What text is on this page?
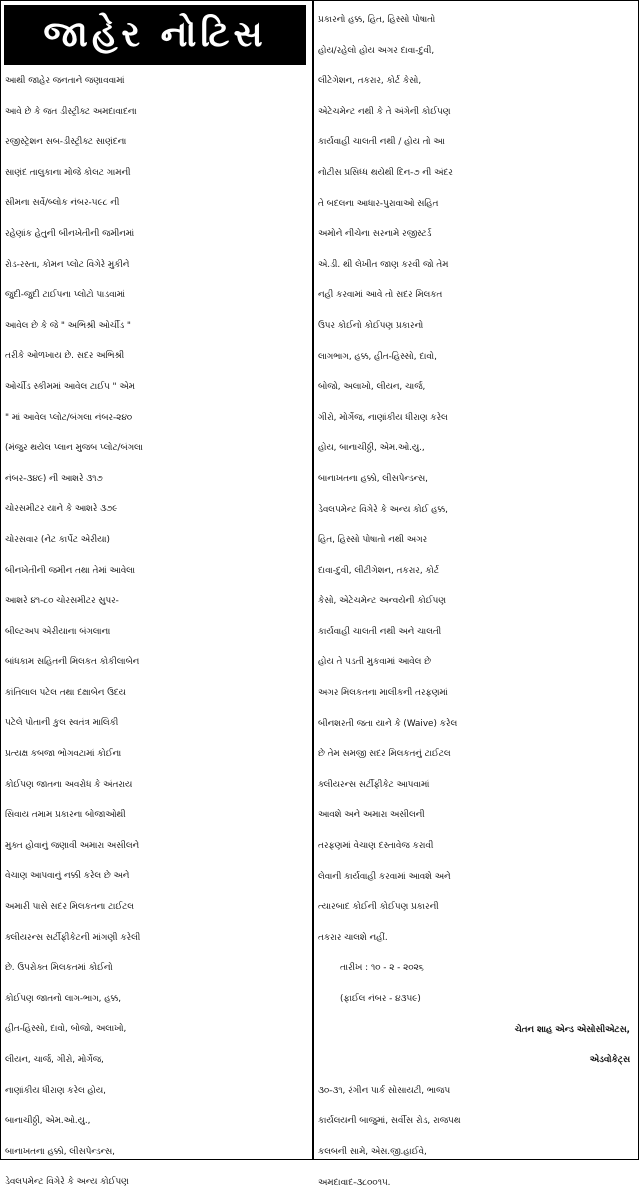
જાહેર નોટિસ

આથી જાહેર જનતાને જણાવવામાં

આવે છે કે જત ડીસ્ટ્રીક્ટ અમદાવાદના

રજીસ્ટ્રેશન સબ-ડીસ્ટ્રીક્ટ સાણંદના

સાણંદ તાલુકાના મોજે કોલટ ગામની

સીમના સર્વે/બ્લોક નંબર-૫૯૮ ની

રહેણાંક હેતુની બીનખેતીની જમીનમાં

રોડ-રસ્તા, કોમન પ્લોટ વિગેરે મુકીને

જુદી-જુદી ટાઈપના પ્લોટો પાડવામાં

આવેલ છે કે જે " અભિશ્રી ઓર્ચીડ "

તરીકે ઓળખાય છે. સદર અભિશ્રી

ઓર્ચીડ સ્કીમમાં આવેલ ટાઈપ " એમ

" માં આવેલ પ્લોટ/બંગલા નંબર-૨૪૦

(મંજુર થયેલ પ્લાન મુજબ પ્લોટ/બંગલા

નંબર-૩૪૯) ની આશરે ૩૧૭

ચોરસમીટર યાને કે આશરે ૩૭૯

ચોરસવાર (નેટ કાર્પેટ એરીયા)

બીનખેતીની જમીન તથા તેમાં આવેલા

આશરે ૪૧-૮૦ ચોરસમીટર સુપર-

બીલ્ટઅપ એરીયાના બંગલાના

બાંધકામ સહિતની મિલકત કોકીલાબેન

કાંતિલાલ પટેલ તથા દક્ષાબેન ઉદય

પટેલે પોતાની કુલ સ્વતંત્ર માલિકી

પ્રત્યક્ષ કબજા ભોગવટામાં કોઈના

કોઈપણ જાતના અવરોધ કે અંતરાય

સિવાય તમામ પ્રકારના બોજાઓથી

મુક્ત હોવાનું જણાવી અમારા અસીલને

વેચાણ આપવાનું નક્કી કરેલ છે અને

અમારી પાસે સદર મિલકતના ટાઈટલ

ક્લીયરન્સ સર્ટીફીકેટની માંગણી કરેલી

છે. ઉપરોક્ત મિલકતમાં કોઈનો

કોઈપણ જાતનો લાગ-ભાગ, હક્ક,

હીત-હિસ્સો, દાવો, બોજો, અલાખો,

લીયન, ચાર્જ, ગીરો, મોર્ગેજ,

નાણાંકીય ધીરાણ કરેલ હોય,

બાનાચીઠ્ઠી, એમ.ઓ.યુ.,

બાનાખતના હક્કો, લીસપેન્ડન્સ,

ડેવલપમેન્ટ વિગેરે કે અન્ય કોઈપણ

પ્રકારનો હક્ક, હિત, હિસ્સો પોષાતો

હોય/રહેલો હોય અગર દાવા-દુવી,

લીટેગેશન, તકરાર, કોર્ટ કેસો,

એટેચમેન્ટ નથી કે તે અંગેની કોઈપણ

કાર્યવાહી ચાલતી નથી / હોય તો આ

નોટીસ પ્રસિધ્ધ થયેથી દિન-૭ ની અંદર

તે બદલના આધાર-પુરાવાઓ સહિત

અમોને નીચેના સરનામે રજીસ્ટર્ડ

એ.ડી. થી લેખીત જાણ કરવી જો તેમ

નહી કરવામાં આવે તો સદર મિલકત

ઉપર કોઈનો કોઈપણ પ્રકારનો

લાગભાગ, હક્ક, હીત-હિસ્સો, દાવો,

બોજો, અલાખો, લીયન, ચાર્જ,

ગીરો, મોર્ગેજ, નાણાંકીય ધીરાણ કરેલ

હોય, બાનાચીઠ્ઠી, એમ.ઓ.યુ.,

બાનાખતના હક્કો, લીસપેન્ડન્સ,

ડેવલપમેન્ટ વિગેરે કે અન્ય કોઈ હક્ક,

હિત, હિસ્સો પોષાતો નથી અગર

દાવા-દુવી, લીટીગેશન, તકરાર, કોર્ટ

કેસો, એટેચમેન્ટ અન્વયેની કોઈપણ

કાર્યવાહી ચાલતી નથી અને ચાલતી

હોય તે પડતી મુકવામાં આવેલ છે

અગર મિલકતના માલીકની તરફણમાં

બીનશરતી જતા યાને કે (Waive) કરેલ

છે તેમ સમજી સદર મિલકતનું ટાઈટલ

ક્લીયરન્સ સર્ટીફીકેટ આપવામાં

આવશે અને અમારા અસીલની

તરફણમાં વેચાણ દસ્તાવેજ કરાવી

લેવાની કાર્યવાહી કરવામાં આવશે અને

ત્યારબાદ કોઈની કોઈપણ પ્રકારની

તકરાર ચાલશે નહીં.

તારીખ : ૧૦ - ૨ - ૨૦૨૬

(ફાઈલ નંબર - ૪૩૫૯)

ચેતન શાહ એન્ડ એસોસીએટસ,

એડવોકેટ્સ

૩૦-૩૧, રંગીન પાર્ક સોસાયટી, ભાજપ

કાર્યલયની બાજુમાં, સર્વીસ રોડ, રાજપથ

કલબની સામે, એસ.જી.હાઈવે,

અમદાવાદ-૩૮૦૦૧૫.
